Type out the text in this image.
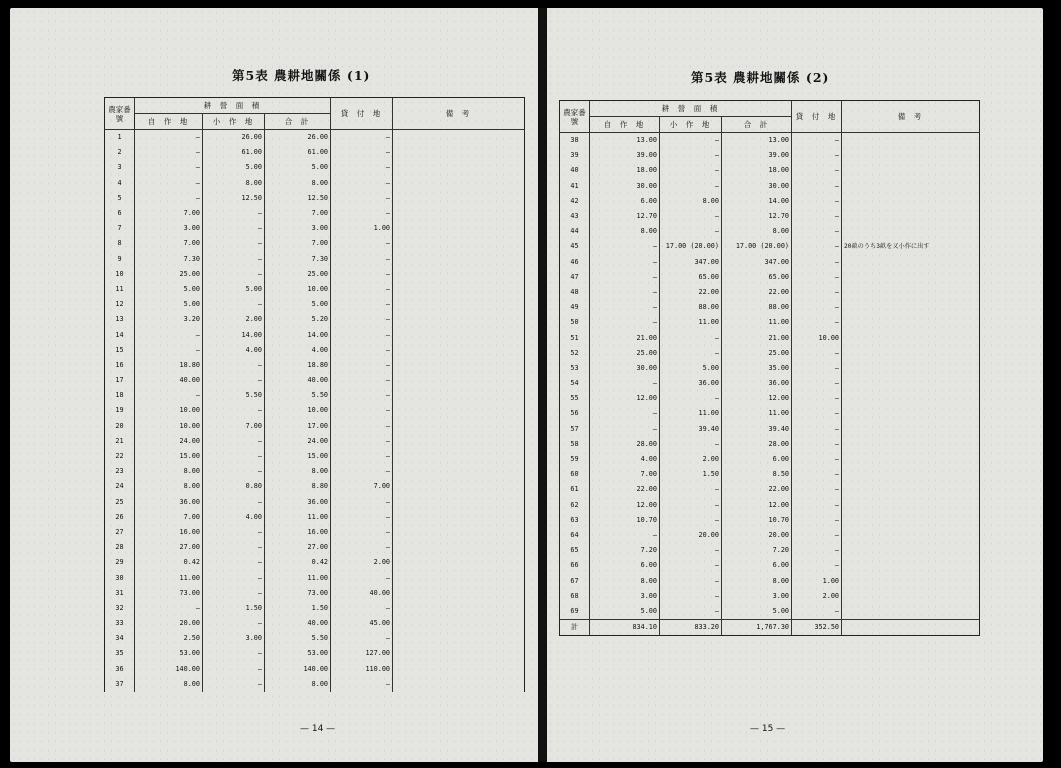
第5表 農耕地關係 (1)
農家番號	耕 營 面 積			貸 付 地	備 考
	自 作 地	小 作 地	合 計		
1	—	26.00	26.00	—	
2	—	61.00	61.00	—	
3	—	5.00	5.00	—	
4	—	8.00	8.00	—	
5	—	12.50	12.50	—	
6	7.00	—	7.00	—	
7	3.00	—	3.00	1.00	
8	7.00	—	7.00	—	
9	7.30	—	7.30	—	
10	25.00	—	25.00	—	
11	5.00	5.00	10.00	—	
12	5.00	—	5.00	—	
13	3.20	2.00	5.20	—	
14	—	14.00	14.00	—	
15	—	4.00	4.00	—	
16	18.80	—	18.80	—	
17	40.00	—	40.00	—	
18	—	5.50	5.50	—	
19	10.00	—	10.00	—	
20	10.00	7.00	17.00	—	
21	24.00	—	24.00	—	
22	15.00	—	15.00	—	
23	8.00	—	8.00	—	
24	8.00	0.80	8.80	7.00	
25	36.00	—	36.00	—	
26	7.00	4.00	11.00	—	
27	16.00	—	16.00	—	
28	27.00	—	27.00	—	
29	0.42	—	0.42	2.00	
30	11.00	—	11.00	—	
31	73.00	—	73.00	40.00	
32	—	1.50	1.50	—	
33	20.00	—	40.00	45.00	
34	2.50	3.00	5.50	—	
35	53.00	—	53.00	127.00	
36	140.00	—	140.00	110.00	
37	8.00	—	8.00	—	
— 14 —
第5表 農耕地關係 (2)
農家番號	耕 營 面 積			貸 付 地	備 考
	自 作 地	小 作 地	合 計		
38	13.00	—	13.00	—	
39	39.00	—	39.00	—	
40	18.00	—	18.00	—	
41	30.00	—	30.00	—	
42	6.00	8.00	14.00	—	
43	12.70	—	12.70	—	
44	8.00	—	8.00	—	
45	—	17.00 (20.00)	17.00 (20.00)	—	20畝のうち3畝を又小作に出す
46	—	347.00	347.00	—	
47	—	65.00	65.00	—	
48	—	22.00	22.00	—	
49	—	88.00	88.00	—	
50	—	11.00	11.00	—	
51	21.00	—	21.00	10.00	
52	25.00	—	25.00	—	
53	30.00	5.00	35.00	—	
54	—	36.00	36.00	—	
55	12.00	—	12.00	—	
56	—	11.00	11.00	—	
57	—	39.40	39.40	—	
58	28.00	—	28.00	—	
59	4.00	2.00	6.00	—	
60	7.00	1.50	8.50	—	
61	22.00	—	22.00	—	
62	12.00	—	12.00	—	
63	10.70	—	10.70	—	
64	—	20.00	20.00	—	
65	7.20	—	7.20	—	
66	6.00	—	6.00	—	
67	8.00	—	8.00	1.00	
68	3.00	—	3.00	2.00	
69	5.00	—	5.00	—	
計	834.10	833.20	1,767.30	352.50	
— 15 —
